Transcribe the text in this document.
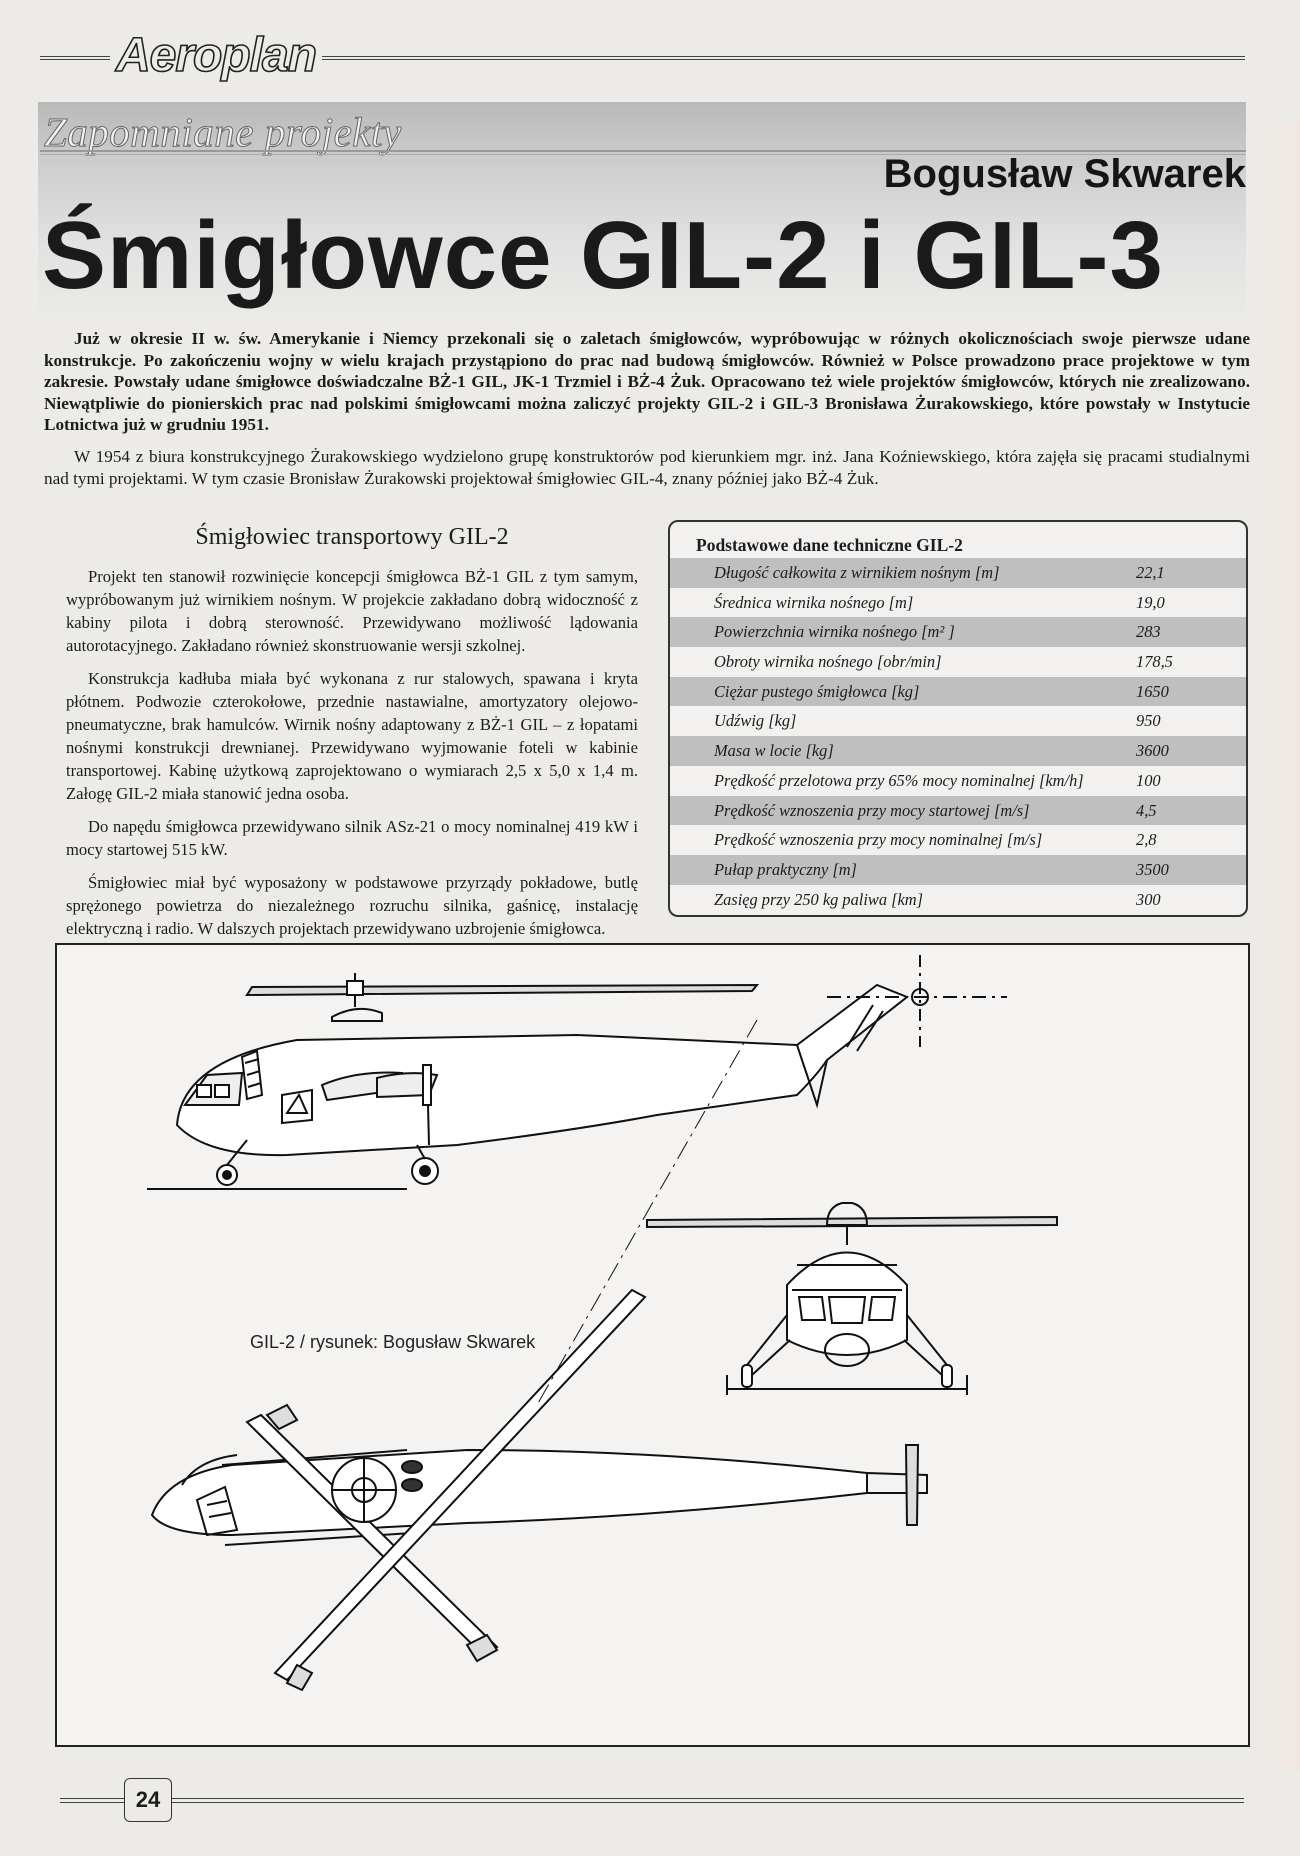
Aeroplan
Zapomniane projekty
Bogusław Skwarek
Śmigłowce GIL-2 i GIL-3

Już w okresie II w. św. Amerykanie i Niemcy przekonali się o zaletach śmigłowców, wypróbowując w różnych okolicznościach swoje pierwsze udane konstrukcje. Po zakończeniu wojny w wielu krajach przystąpiono do prac nad budową śmigłowców. Również w Polsce prowadzono prace projektowe w tym zakresie. Powstały udane śmigłowce doświadczalne BŻ-1 GIL, JK-1 Trzmiel i BŻ-4 Żuk. Opracowano też wiele projektów śmigłowców, których nie zrealizowano. Niewątpliwie do pionierskich prac nad polskimi śmigłowcami można zaliczyć projekty GIL-2 i GIL-3 Bronisława Żurakowskiego, które powstały w Instytucie Lotnictwa już w grudniu 1951.

W 1954 z biura konstrukcyjnego Żurakowskiego wydzielono grupę konstruktorów pod kierunkiem mgr. inż. Jana Koźniewskiego, która zajęła się pracami studialnymi nad tymi projektami. W tym czasie Bronisław Żurakowski projektował śmigłowiec GIL-4, znany później jako BŻ-4 Żuk.

Śmigłowiec transportowy GIL-2

Projekt ten stanowił rozwinięcie koncepcji śmigłowca BŻ-1 GIL z tym samym, wypróbowanym już wirnikiem nośnym. W projekcie zakładano dobrą widoczność z kabiny pilota i dobrą sterowność. Przewidywano możliwość lądowania autorotacyjnego. Zakładano również skonstruowanie wersji szkolnej.

Konstrukcja kadłuba miała być wykonana z rur stalowych, spawana i kryta płótnem. Podwozie czterokołowe, przednie nastawialne, amortyzatory olejowo-pneumatyczne, brak hamulców. Wirnik nośny adaptowany z BŻ-1 GIL – z łopatami nośnymi konstrukcji drewnianej. Przewidywano wyjmowanie foteli w kabinie transportowej. Kabinę użytkową zaprojektowano o wymiarach 2,5 x 5,0 x 1,4 m. Załogę GIL-2 miała stanowić jedna osoba.

Do napędu śmigłowca przewidywano silnik ASz-21 o mocy nominalnej 419 kW i mocy startowej 515 kW.

Śmigłowiec miał być wyposażony w podstawowe przyrządy pokładowe, butlę sprężonego powietrza do niezależnego rozruchu silnika, gaśnicę, instalację elektryczną i radio. W dalszych projektach przewidywano uzbrojenie śmigłowca.

Podstawowe dane techniczne GIL-2
Długość całkowita z wirnikiem nośnym [m]	22,1
Średnica wirnika nośnego [m]	19,0
Powierzchnia wirnika nośnego [m² ]	283
Obroty wirnika nośnego [obr/min]	178,5
Ciężar pustego śmigłowca [kg]	1650
Udźwig [kg]	950
Masa w locie [kg]	3600
Prędkość przelotowa przy 65% mocy nominalnej [km/h]	100
Prędkość wznoszenia przy mocy startowej [m/s]	4,5
Prędkość wznoszenia przy mocy nominalnej [m/s]	2,8
Pułap praktyczny [m]	3500
Zasięg przy 250 kg paliwa [km]	300
GIL-2 / rysunek: Bogusław Skwarek
24
